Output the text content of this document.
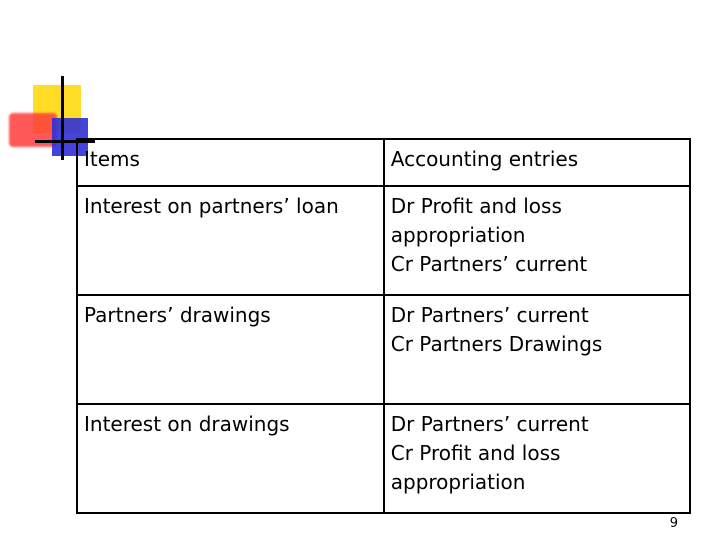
Items	Accounting entries
Interest on partners’ loan	Dr Profit and loss
appropriation
Cr Partners’ current

Partners’ drawings	Dr Partners’ current
Cr Partners Drawings

Interest on drawings	Dr Partners’ current
Cr Profit and loss
appropriation
9
